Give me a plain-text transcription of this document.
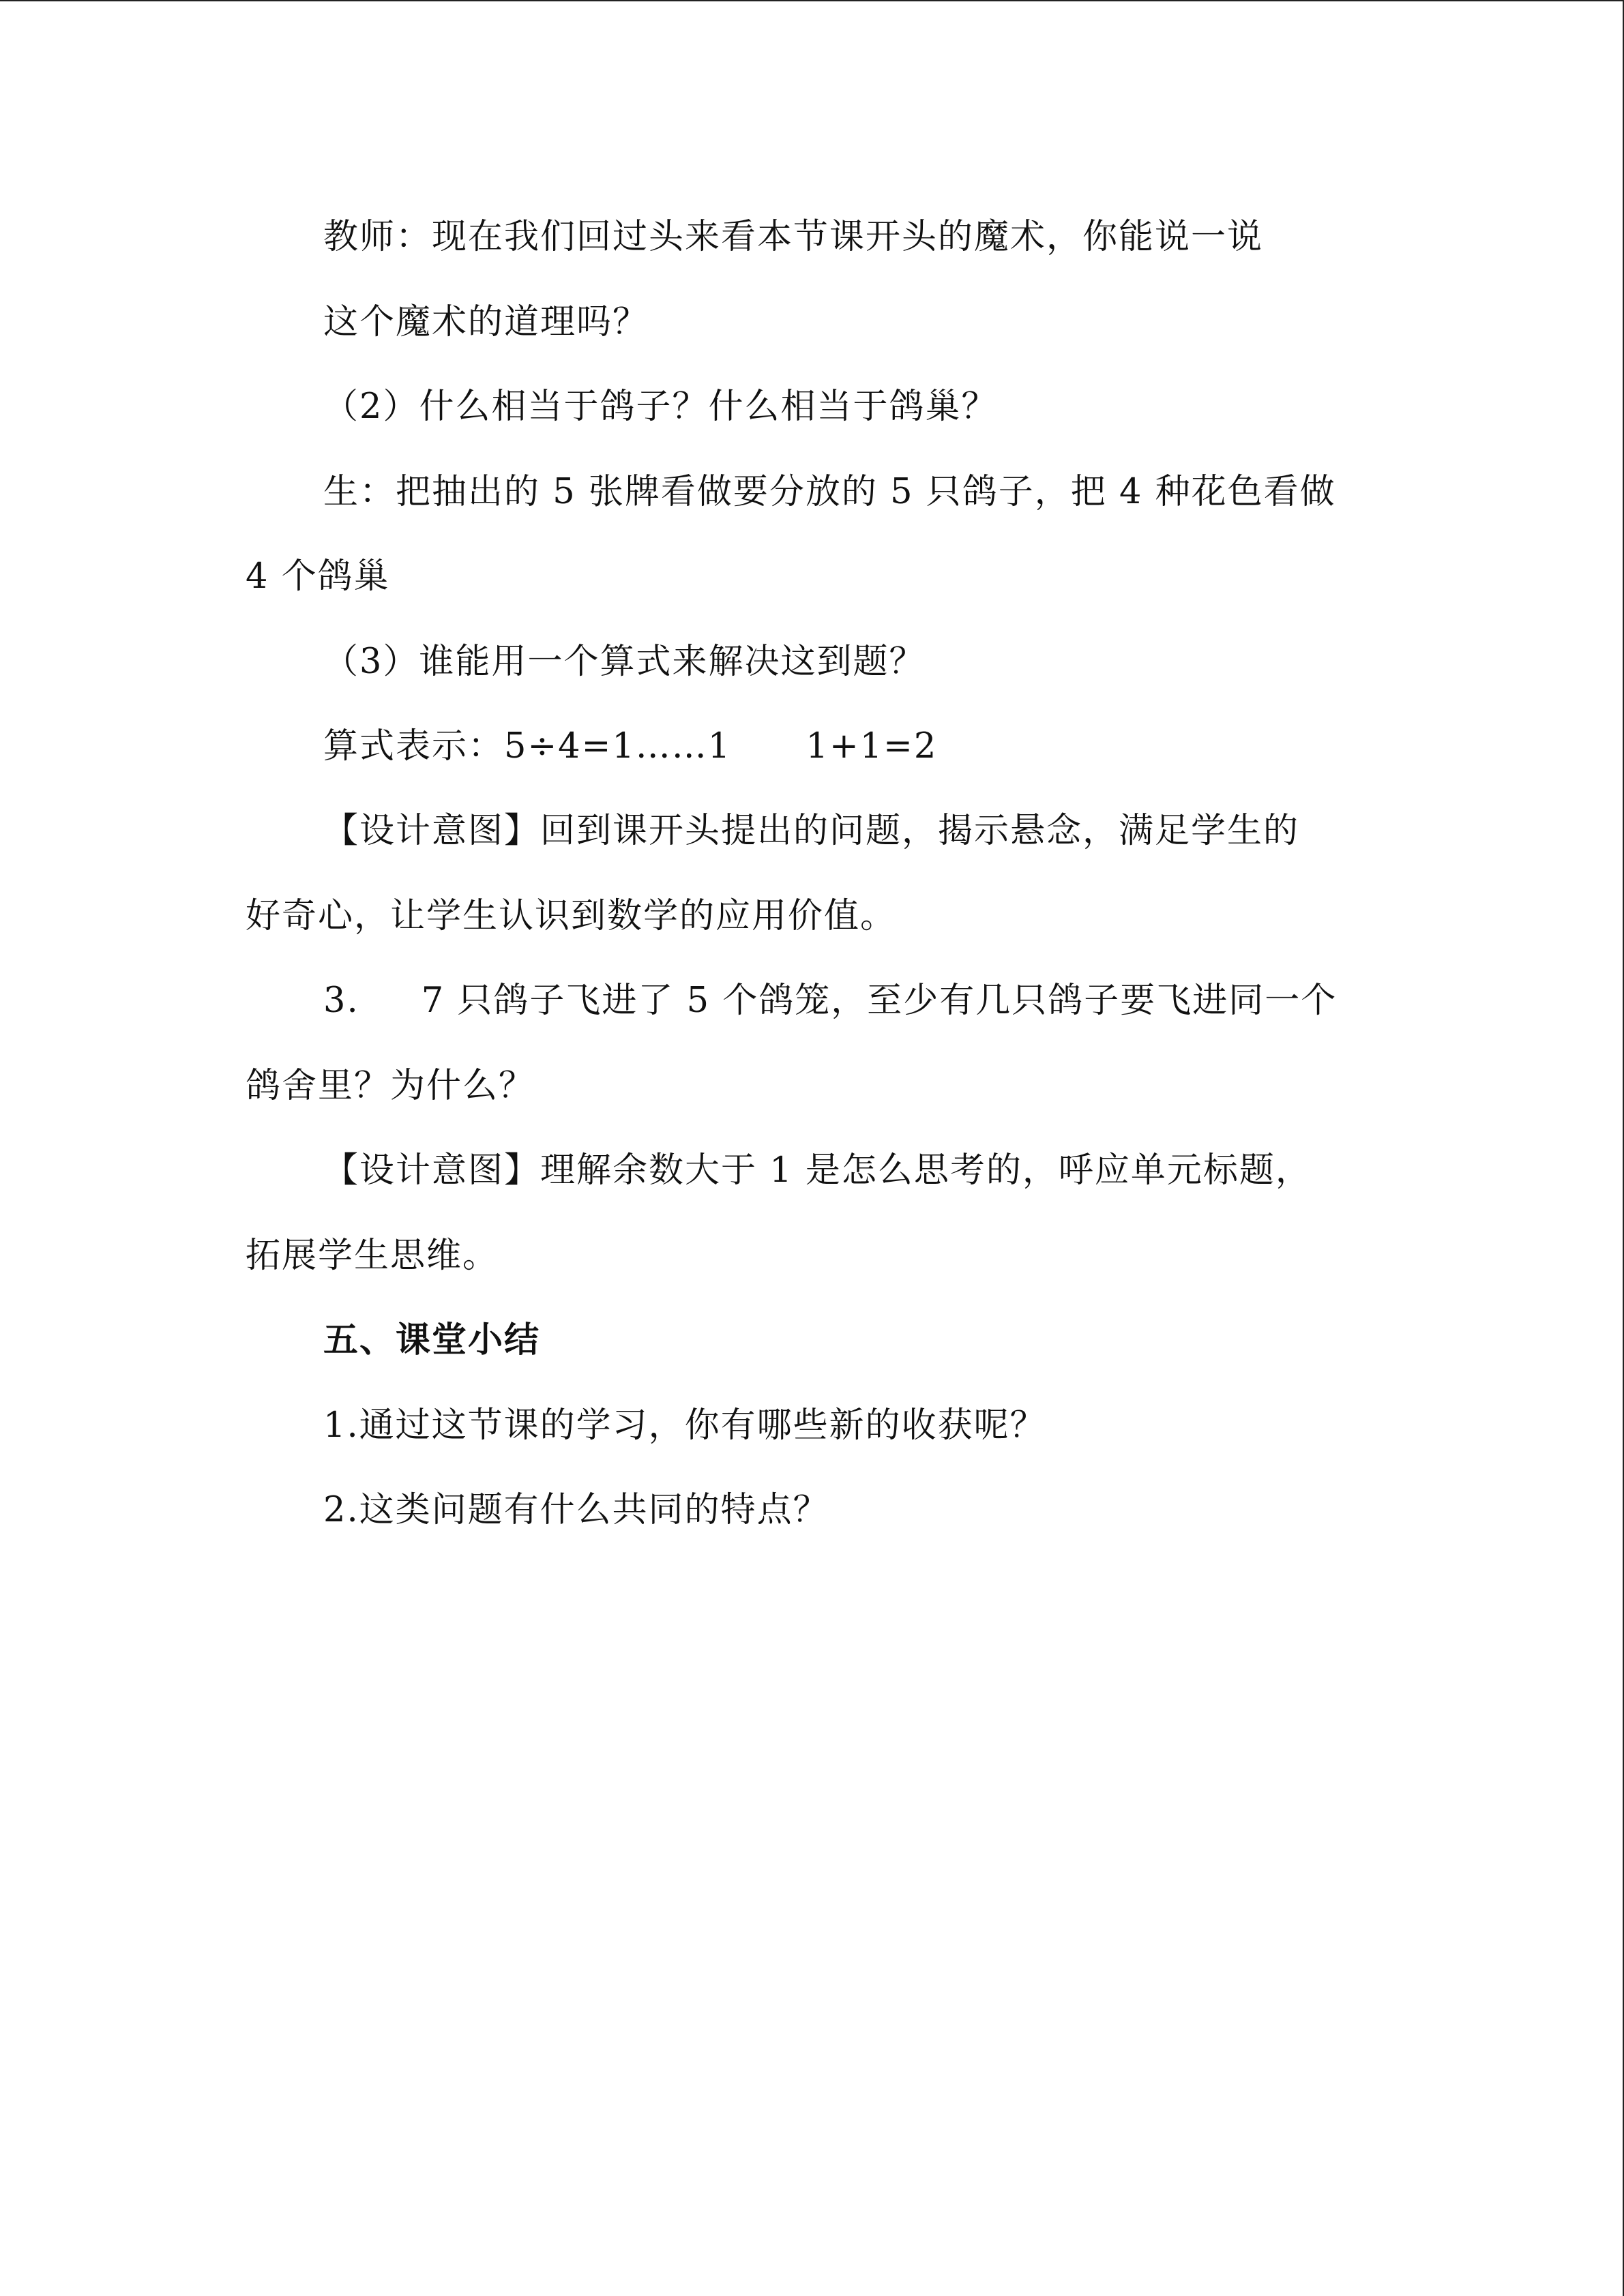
教师：现在我们回过头来看本节课开头的魔术，你能说一说
这个魔术的道理吗？
（2）什么相当于鸽子？什么相当于鸽巢？
生：把抽出的 5 张牌看做要分放的 5 只鸽子，把 4 种花色看做
4 个鸽巢
（3）谁能用一个算式来解决这到题？
算式表示：5÷4=1……1      1+1=2
【设计意图】回到课开头提出的问题，揭示悬念，满足学生的
好奇心，让学生认识到数学的应用价值。
3.     7 只鸽子飞进了 5 个鸽笼，至少有几只鸽子要飞进同一个
鸽舍里？为什么？
【设计意图】理解余数大于 1 是怎么思考的，呼应单元标题，
拓展学生思维。
五、课堂小结
1.通过这节课的学习，你有哪些新的收获呢？
2.这类问题有什么共同的特点？
